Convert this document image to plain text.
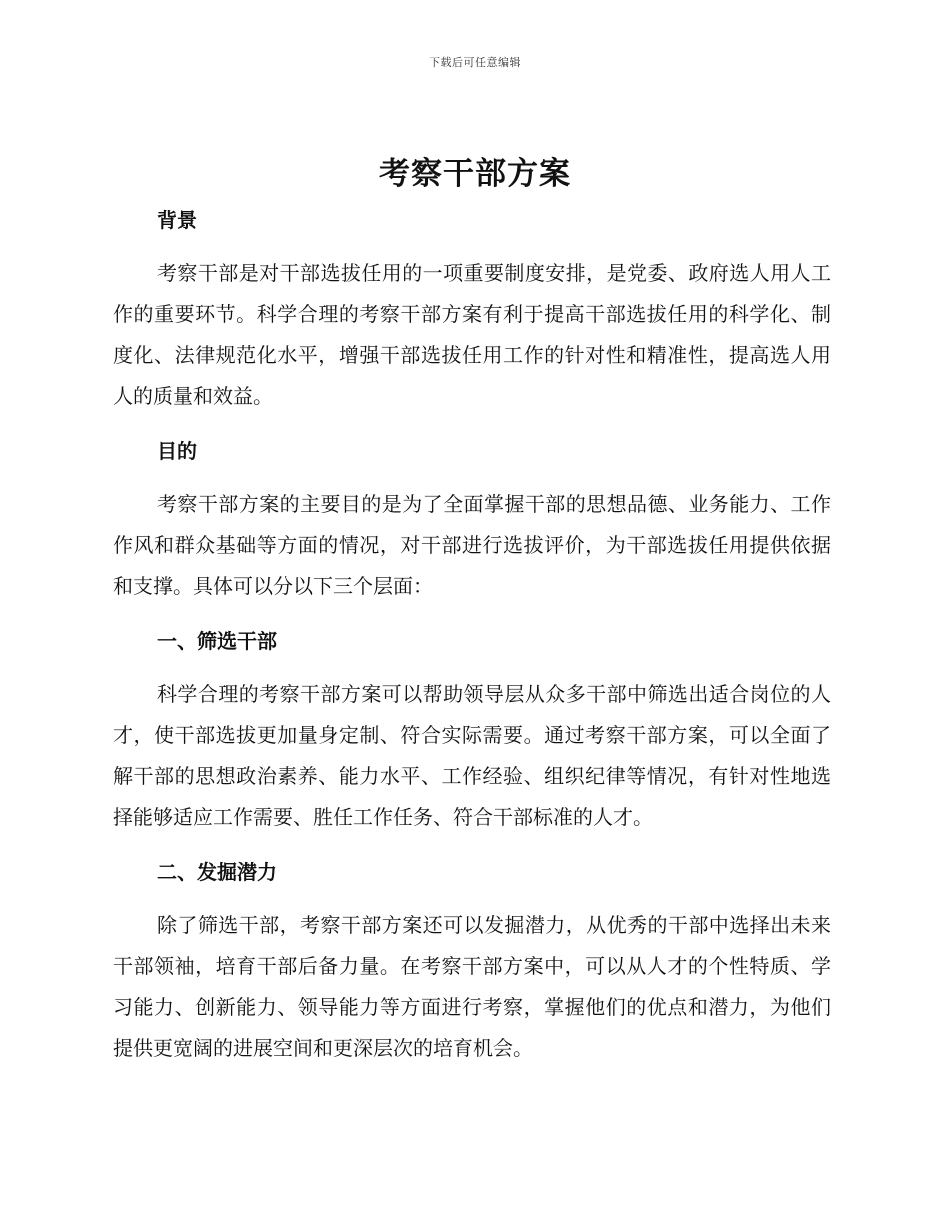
下载后可任意编辑
考察干部方案
背景

考察干部是对干部选拔任用的一项重要制度安排，是党委、政府选人用人工作的重要环节。科学合理的考察干部方案有利于提高干部选拔任用的科学化、制度化、法律规范化水平，增强干部选拔任用工作的针对性和精准性，提高选人用人的质量和效益。

目的

考察干部方案的主要目的是为了全面掌握干部的思想品德、业务能力、工作作风和群众基础等方面的情况，对干部进行选拔评价，为干部选拔任用提供依据和支撑。具体可以分以下三个层面：

一、筛选干部

科学合理的考察干部方案可以帮助领导层从众多干部中筛选出适合岗位的人才，使干部选拔更加量身定制、符合实际需要。通过考察干部方案，可以全面了解干部的思想政治素养、能力水平、工作经验、组织纪律等情况，有针对性地选择能够适应工作需要、胜任工作任务、符合干部标准的人才。

二、发掘潜力

除了筛选干部，考察干部方案还可以发掘潜力，从优秀的干部中选择出未来干部领袖，培育干部后备力量。在考察干部方案中，可以从人才的个性特质、学习能力、创新能力、领导能力等方面进行考察，掌握他们的优点和潜力，为他们提供更宽阔的进展空间和更深层次的培育机会。
